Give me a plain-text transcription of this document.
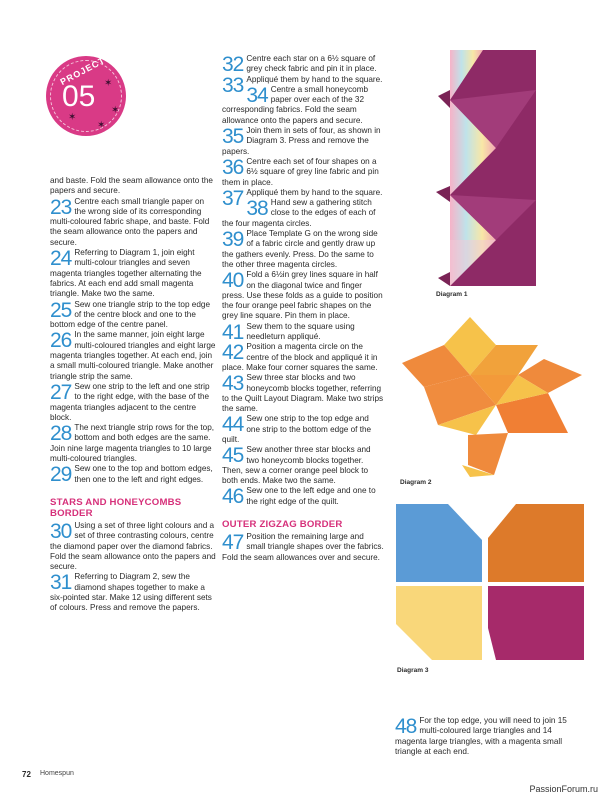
PROJECT
05 ✶
✶
✶
✶

and baste. Fold the seam allowance onto the papers and secure.

23 Centre each small triangle paper on the wrong side of its corresponding multi-coloured fabric shape, and baste. Fold the seam allowance onto the papers and secure.

24 Referring to Diagram 1, join eight multi-colour triangles and seven magenta triangles together alternating the fabrics. At each end add small magenta triangle. Make two the same.

25 Sew one triangle strip to the top edge of the centre block and one to the bottom edge of the centre panel.

26 In the same manner, join eight large multi-coloured triangles and eight large magenta triangles together. At each end, join a small multi-coloured triangle. Make another triangle strip the same.

27 Sew one strip to the left and one strip to the right edge, with the base of the magenta triangles adjacent to the centre block.

28 The next triangle strip rows for the top, bottom and both edges are the same. Join nine large magenta triangles to 10 large multi-coloured triangles.

29 Sew one to the top and bottom edges, then one to the left and right edges.

STARS AND HONEYCOMBS BORDER

30 Using a set of three light colours and a set of three contrasting colours, centre the diamond paper over the diamond fabrics. Fold the seam allowance onto the papers and secure.

31 Referring to Diagram 2, sew the diamond shapes together to make a six-pointed star. Make 12 using different sets of colours. Press and remove the papers.

32 Centre each star on a 6½ square of grey check fabric and pin it in place.

33 Appliqué them by hand to the square.

34 Centre a small honeycomb paper over each of the 32 corresponding fabrics. Fold the seam allowance onto the papers and secure.

35 Join them in sets of four, as shown in Diagram 3. Press and remove the papers.

36 Centre each set of four shapes on a 6½ square of grey line fabric and pin them in place.

37 Appliqué them by hand to the square.

38 Hand sew a gathering stitch close to the edges of each of the four magenta circles.

39 Place Template G on the wrong side of a fabric circle and gently draw up the gathers evenly. Press. Do the same to the other three magenta circles.

40 Fold a 6½in grey lines square in half on the diagonal twice and finger press. Use these folds as a guide to position the four orange peel fabric shapes on the grey line square. Pin them in place.

41 Sew them to the square using needleturn appliqué.

42 Position a magenta circle on the centre of the block and appliqué it in place. Make four corner squares the same.

43 Sew three star blocks and two honeycomb blocks together, referring to the Quilt Layout Diagram. Make two strips the same.

44 Sew one strip to the top edge and one strip to the bottom edge of the quilt.

45 Sew another three star blocks and two honeycomb blocks together. Then, sew a corner orange peel block to both ends. Make two the same.

46 Sew one to the left edge and one to the right edge of the quilt.

OUTER ZIGZAG BORDER

47 Position the remaining large and small triangle shapes over the fabrics. Fold the seam allowances over and secure.

48 For the top edge, you will need to join 15 multi-coloured large triangles and 14 magenta large triangles, with a magenta small triangle at each end.

Diagram 1
Diagram 2
Diagram 3
72 Homespun
PassionForum.ru
